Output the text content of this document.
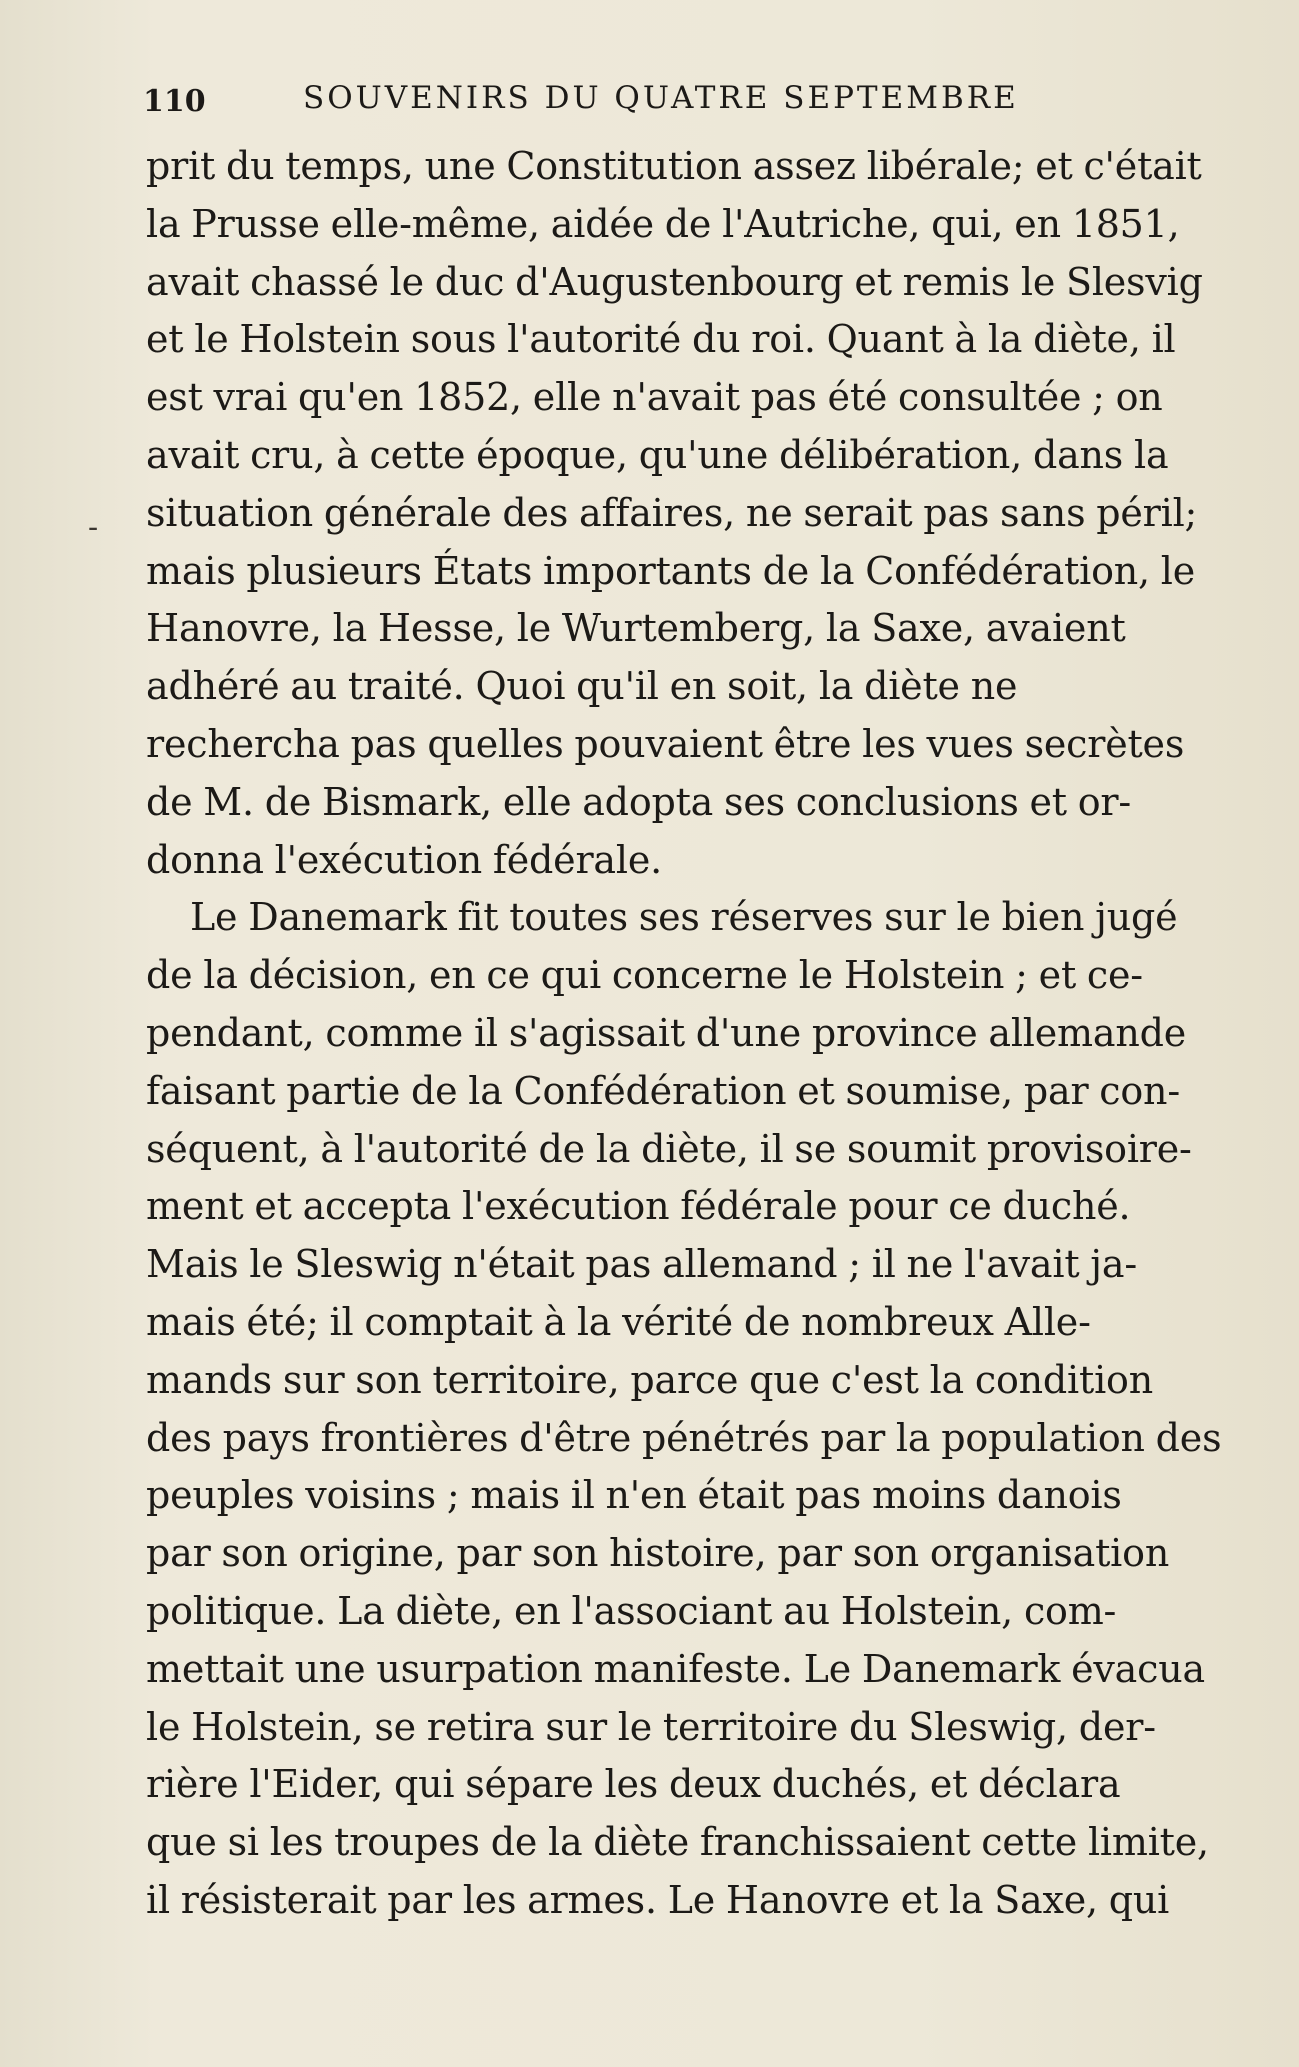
110	SOUVENIRS DU QUATRE SEPTEMBRE
-
prit du temps, une Constitution assez libérale; et c'était
la Prusse elle-même, aidée de l'Autriche, qui, en 1851,
avait chassé le duc d'Augustenbourg et remis le Slesvig
et le Holstein sous l'autorité du roi. Quant à la diète, il
est vrai qu'en 1852, elle n'avait pas été consultée ; on
avait cru, à cette époque, qu'une délibération, dans la
situation générale des affaires, ne serait pas sans péril;
mais plusieurs États importants de la Confédération, le
Hanovre, la Hesse, le Wurtemberg, la Saxe, avaient
adhéré au traité. Quoi qu'il en soit, la diète ne
rechercha pas quelles pouvaient être les vues secrètes
de M. de Bismark, elle adopta ses conclusions et or-
donna l'exécution fédérale.
Le Danemark fit toutes ses réserves sur le bien jugé
de la décision, en ce qui concerne le Holstein ; et ce-
pendant, comme il s'agissait d'une province allemande
faisant partie de la Confédération et soumise, par con-
séquent, à l'autorité de la diète, il se soumit provisoire-
ment et accepta l'exécution fédérale pour ce duché.
Mais le Sleswig n'était pas allemand ; il ne l'avait ja-
mais été; il comptait à la vérité de nombreux Alle-
mands sur son territoire, parce que c'est la condition
des pays frontières d'être pénétrés par la population des
peuples voisins ; mais il n'en était pas moins danois
par son origine, par son histoire, par son organisation
politique. La diète, en l'associant au Holstein, com-
mettait une usurpation manifeste. Le Danemark évacua
le Holstein, se retira sur le territoire du Sleswig, der-
rière l'Eider, qui sépare les deux duchés, et déclara
que si les troupes de la diète franchissaient cette limite,
il résisterait par les armes. Le Hanovre et la Saxe, qui
